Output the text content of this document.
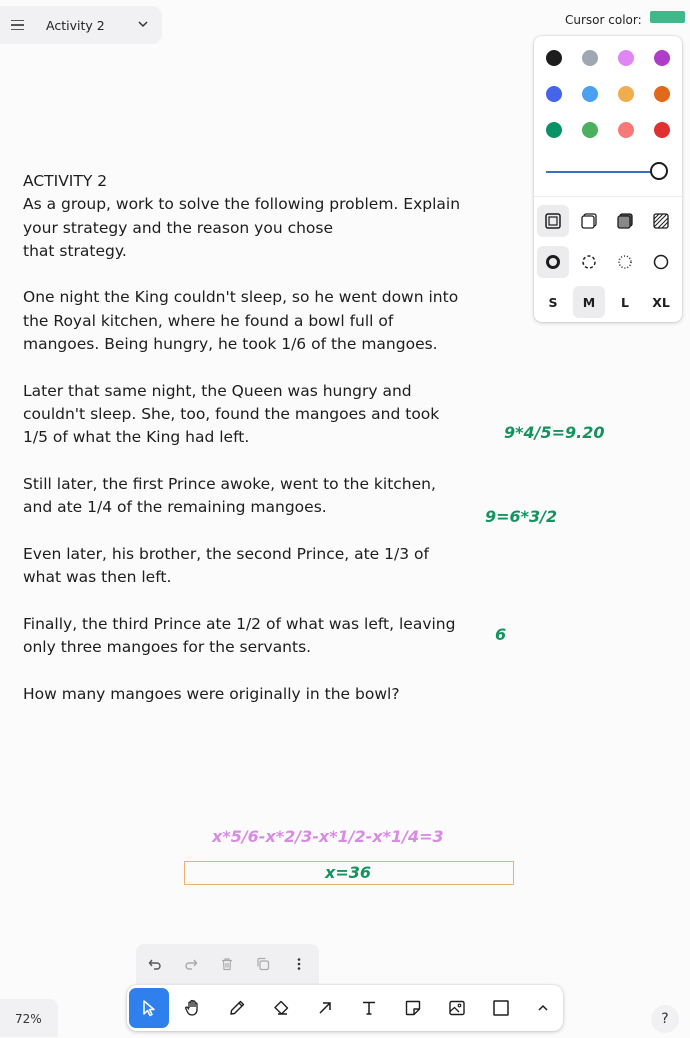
Activity 2	Cursor color:
S	M	L	XL

ACTIVITY 2
As a group, work to solve the following problem. Explain
your strategy and the reason you chose
that strategy.

One night the King couldn't sleep, so he went down into
the Royal kitchen, where he found a bowl full of
mangoes. Being hungry, he took 1/6 of the mangoes.

Later that same night, the Queen was hungry and
couldn't sleep. She, too, found the mangoes and took
1/5 of what the King had left.

Still later, the first Prince awoke, went to the kitchen,
and ate 1/4 of the remaining mangoes.

Even later, his brother, the second Prince, ate 1/3 of
what was then left.

Finally, the third Prince ate 1/2 of what was left, leaving
only three mangoes for the servants.

How many mangoes were originally in the bowl?

9*4/5=9.20
9=6*3/2
6
x*5/6-x*2/3-x*1/2-x*1/4=3
x=36
72%	?
